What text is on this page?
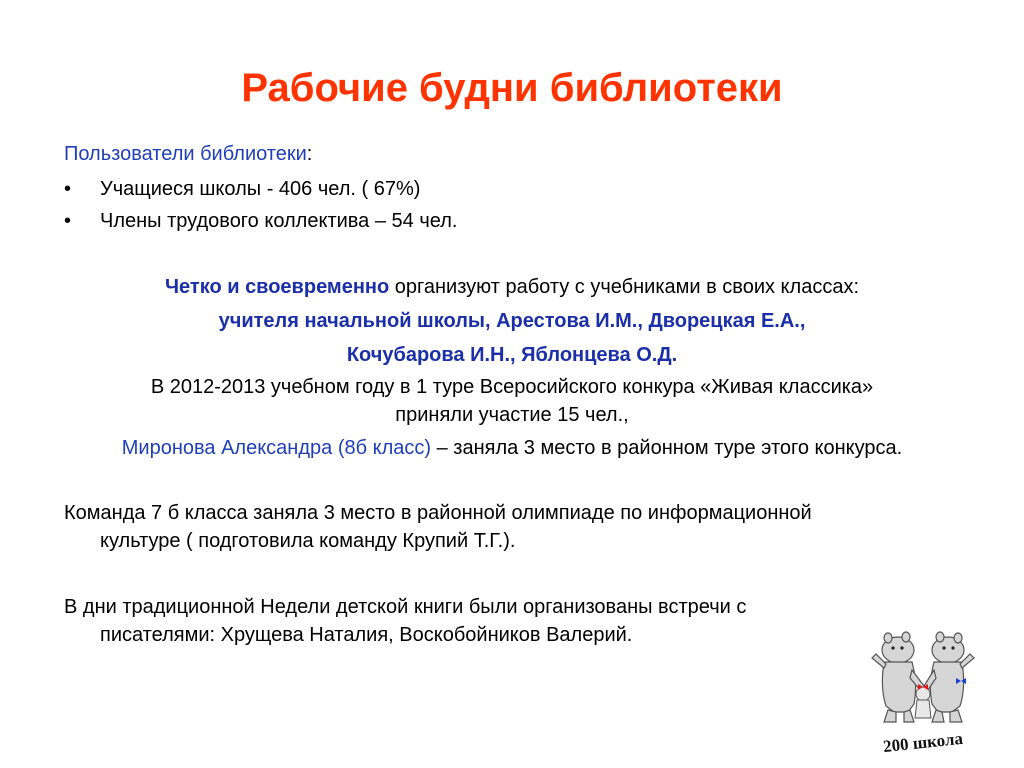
Рабочие будни библиотеки
Пользователи библиотеки:
• Учащиеся школы - 406 чел. ( 67%)
• Члены трудового коллектива – 54 чел.
Четко и своевременно организуют работу с учебниками в своих классах:
учителя начальной школы, Арестова И.М., Дворецкая Е.А.,
Кочубарова И.Н., Яблонцева О.Д.
В 2012-2013 учебном году в 1 туре Всеросийского конкура «Живая классика»
приняли участие 15 чел.,
Миронова Александра (8б класс) – заняла 3 место в районном туре этого конкурса.
Команда 7 б класса заняла 3 место в районной олимпиаде по информационной
культуре ( подготовила команду Крупий Т.Г.).
В дни традиционной Недели детской книги были организованы встречи с
писателями: Хрущева Наталия, Воскобойников Валерий.
200 школа
